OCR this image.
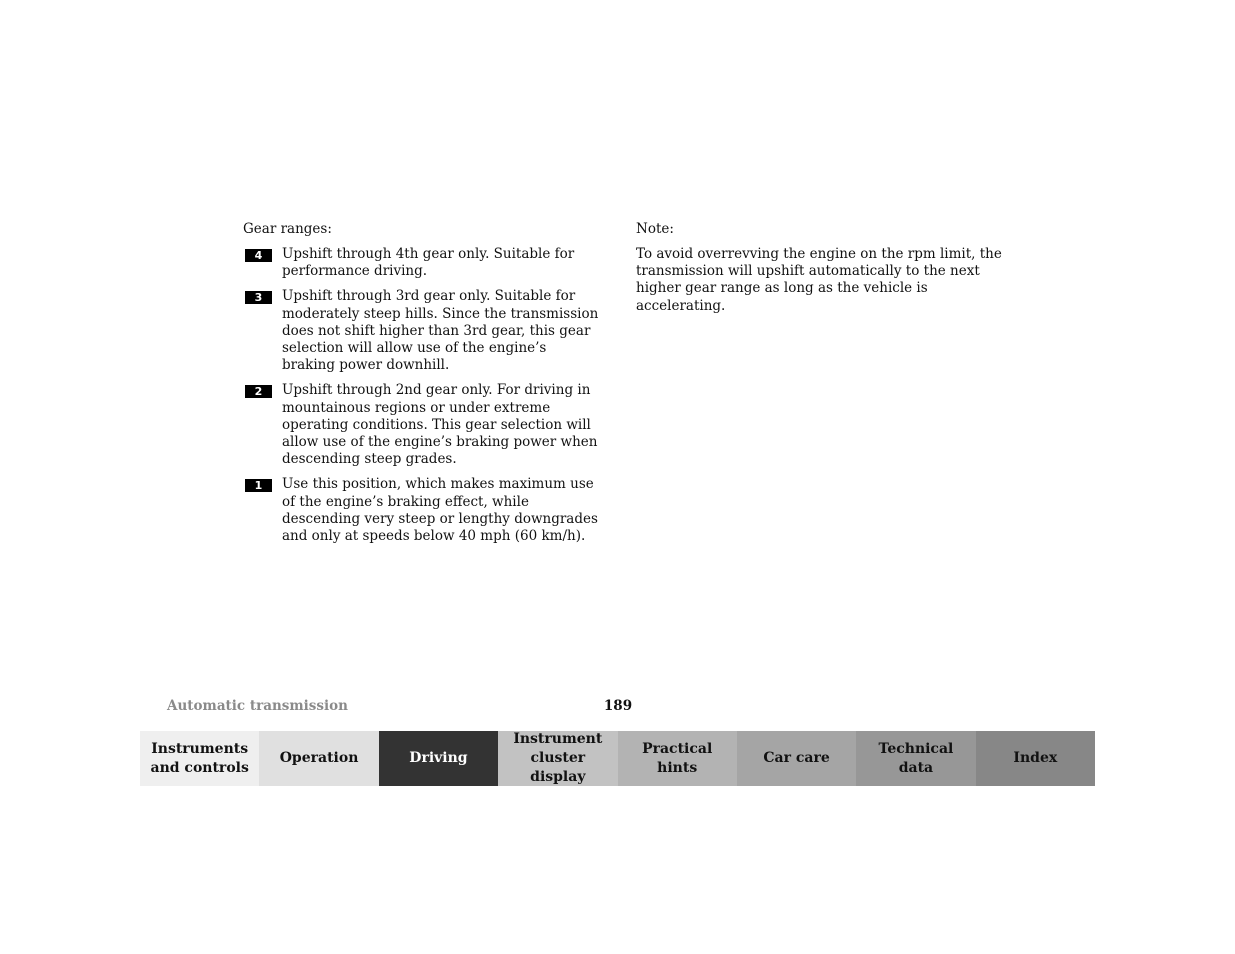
Gear ranges:

4	Upshift through 4th gear only. Suitable for performance driving.

3	Upshift through 3rd gear only. Suitable for moderately steep hills. Since the transmission does not shift higher than 3rd gear, this gear selection will allow use of the engine’s braking power downhill.

2	Upshift through 2nd gear only. For driving in mountainous regions or under extreme operating conditions. This gear selection will allow use of the engine’s braking power when descending steep grades.

1	Use this position, which makes maximum use of the engine’s braking effect, while descending very steep or lengthy downgrades and only at speeds below 40 mph (60 km/h).

Note:

To avoid overrevving the engine on the rpm limit, the transmission will upshift automatically to the next higher gear range as long as the vehicle is accelerating.

Automatic transmission	189
Instruments
and controls
Operation	Driving
Instrument
cluster display
Practical hints
Car care
Technical
data
Index
